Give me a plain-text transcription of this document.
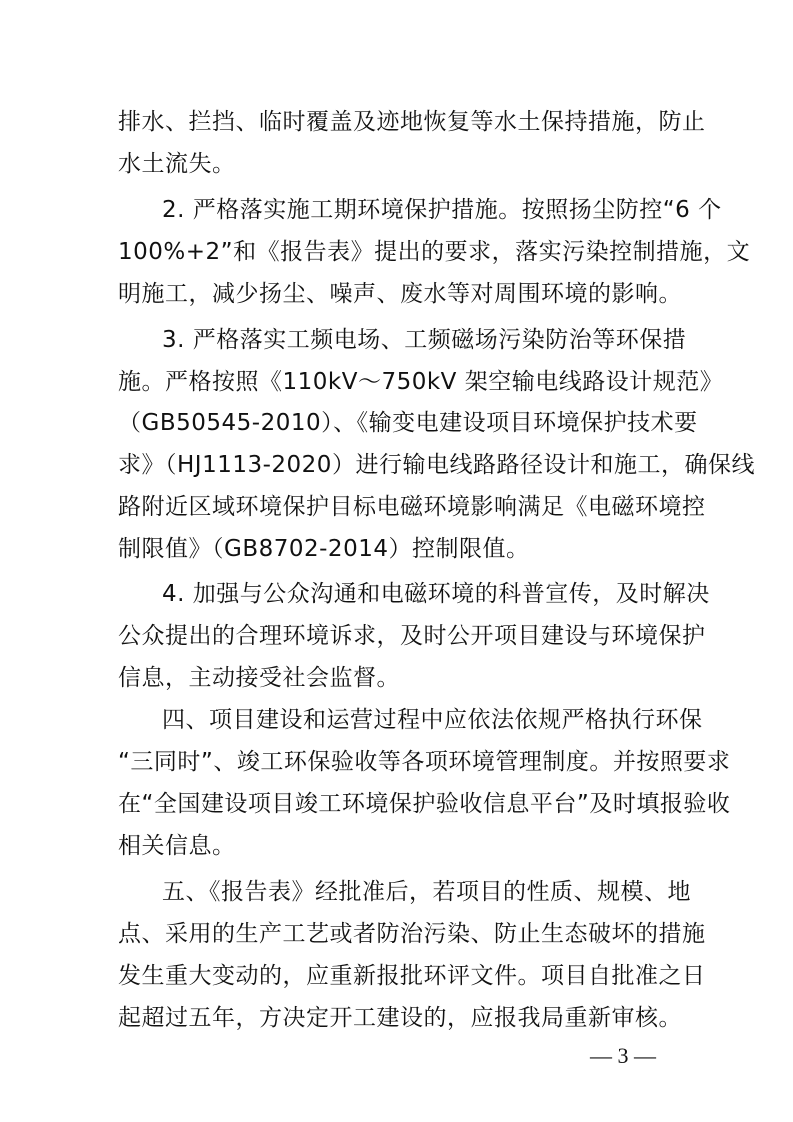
排水、拦挡、临时覆盖及迹地恢复等水土保持措施，防止
水土流失。
2. 严格落实施工期环境保护措施。按照扬尘防控“6 个
100%+2”和《报告表》提出的要求，落实污染控制措施，文
明施工，减少扬尘、噪声、废水等对周围环境的影响。
3. 严格落实工频电场、工频磁场污染防治等环保措
施。严格按照《110kV～750kV 架空输电线路设计规范》
（GB50545-2010）、《输变电建设项目环境保护技术要
求》（HJ1113-2020）进行输电线路路径设计和施工，确保线
路附近区域环境保护目标电磁环境影响满足《电磁环境控
制限值》（GB8702-2014）控制限值。
4. 加强与公众沟通和电磁环境的科普宣传，及时解决
公众提出的合理环境诉求，及时公开项目建设与环境保护
信息，主动接受社会监督。
四、项目建设和运营过程中应依法依规严格执行环保
“三同时”、竣工环保验收等各项环境管理制度。并按照要求
在“全国建设项目竣工环境保护验收信息平台”及时填报验收
相关信息。
五、《报告表》经批准后，若项目的性质、规模、地
点、采用的生产工艺或者防治污染、防止生态破坏的措施
发生重大变动的，应重新报批环评文件。项目自批准之日
起超过五年，方决定开工建设的，应报我局重新审核。
— 3 —
